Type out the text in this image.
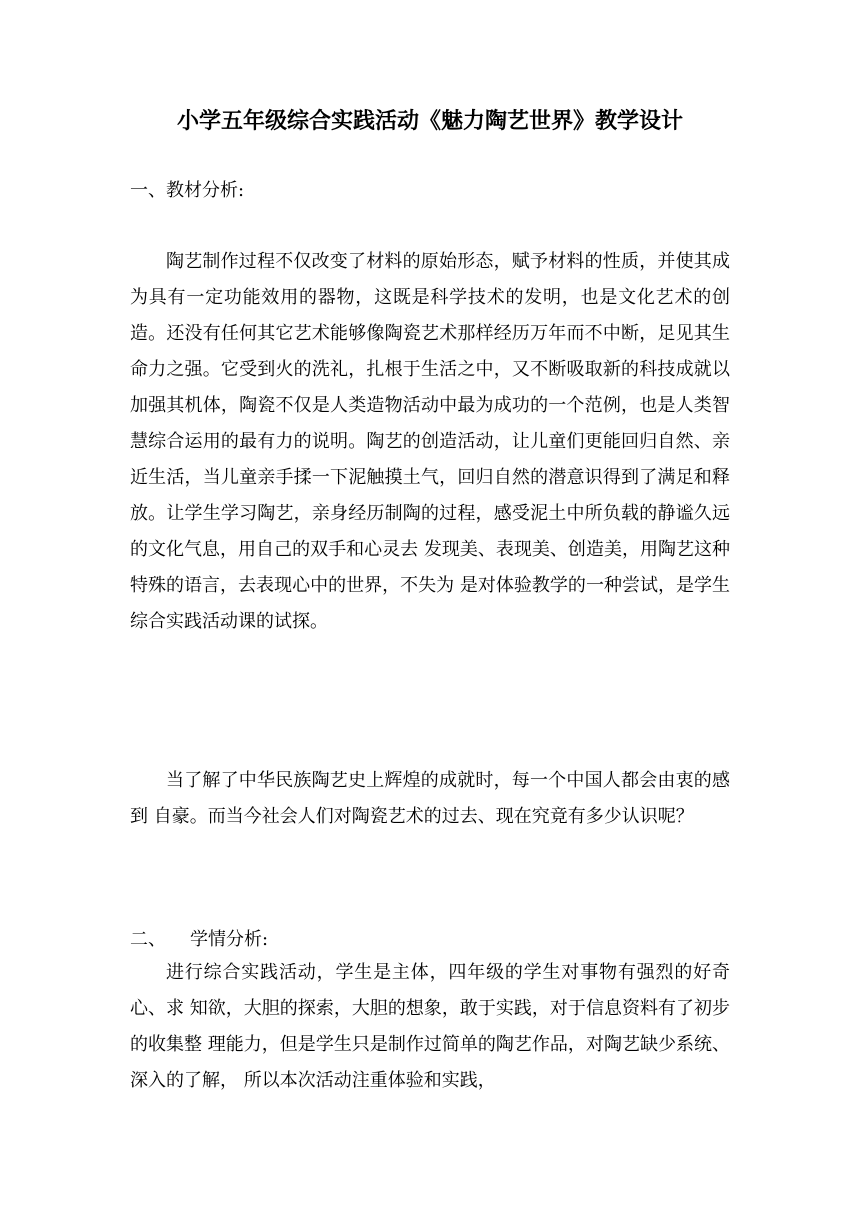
小学五年级综合实践活动《魅力陶艺世界》教学设计
一、教材分析:

陶艺制作过程不仅改变了材料的原始形态，赋予材料的性质，并使其成为具有一定功能效用的器物，这既是科学技术的发明，也是文化艺术的创造。还没有任何其它艺术能够像陶瓷艺术那样经历万年而不中断，足见其生命力之强。它受到火的洗礼，扎根于生活之中，又不断吸取新的科技成就以加强其机体，陶瓷不仅是人类造物活动中最为成功的一个范例，也是人类智慧综合运用的最有力的说明。陶艺的创造活动，让儿童们更能回归自然、亲近生活，当儿童亲手揉一下泥触摸土气，回归自然的潜意识得到了满足和释放。让学生学习陶艺，亲身经历制陶的过程，感受泥土中所负载的静谧久远的文化气息，用自己的双手和心灵去 发现美、表现美、创造美，用陶艺这种特殊的语言，去表现心中的世界，不失为 是对体验教学的一种尝试，是学生综合实践活动课的试探。

当了解了中华民族陶艺史上辉煌的成就时，每一个中国人都会由衷的感到 自豪。而当今社会人们对陶瓷艺术的过去、现在究竟有多少认识呢？

二、 学情分析:

进行综合实践活动，学生是主体，四年级的学生对事物有强烈的好奇心、求 知欲，大胆的探索，大胆的想象，敢于实践，对于信息资料有了初步的收集整 理能力，但是学生只是制作过简单的陶艺作品，对陶艺缺少系统、深入的了解， 所以本次活动注重体验和实践，
